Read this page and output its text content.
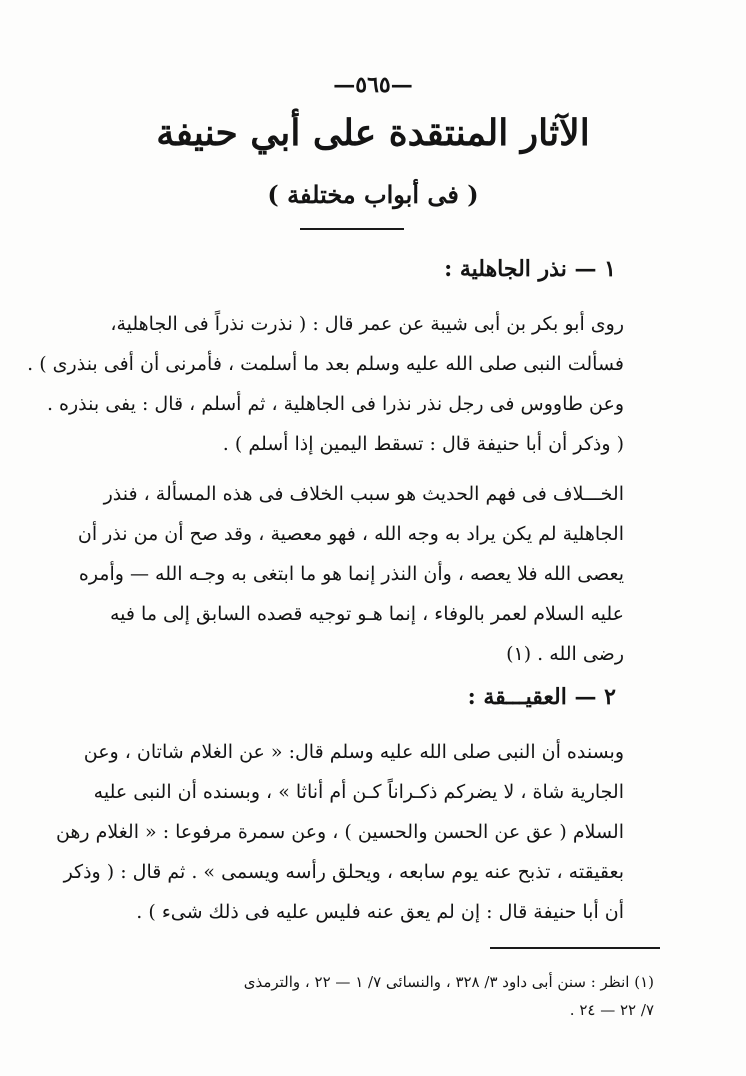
—٥٦٥—
الآثار المنتقدة على أبي حنيفة
( فى أبواب مختلفة )
١ — نذر الجاهلية :
روى أبو بكر بن أبى شيبة عن عمر قال : ( نذرت نذراً فى الجاهلية،
فسألت النبى صلى الله عليه وسلم بعد ما أسلمت ، فأمرنى أن أفى بنذرى ) .
وعن طاووس فى رجل نذر نذرا فى الجاهلية ، ثم أسلم ، قال : يفى بنذره .
( وذكر أن أبا حنيفة قال : تسقط اليمين إذا أسلم ) .
الخـــلاف فى فهم الحديث هو سبب الخلاف فى هذه المسألة ، فنذر
الجاهلية لم يكن يراد به وجه الله ، فهو معصية ، وقد صح أن من نذر أن
يعصى الله فلا يعصه ، وأن النذر إنما هو ما ابتغى به وجـه الله — وأمره
عليه السلام لعمر بالوفاء ، إنما هـو توجيه قصده السابق إلى ما فيه
رضى الله . (١)
٢ — العقيـــقة :
وبسنده أن النبى صلى الله عليه وسلم قال: « عن الغلام شاتان ، وعن
الجارية شاة ، لا يضركم ذكـراناً كـن أم أناثا » ، وبسنده أن النبى عليه
السلام ( عق عن الحسن والحسين ) ، وعن سمرة مرفوعا : « الغلام رهن
بعقيقته ، تذبح عنه يوم سابعه ، ويحلق رأسه ويسمى » . ثم قال : ( وذكر
أن أبا حنيفة قال : إن لم يعق عنه فليس عليه فى ذلك شىء ) .
(١) انظر : سنن أبى داود ٣/ ٣٢٨ ، والنسائى ٧/ ١ — ٢٢ ، والترمذى
٧/ ٢٢ — ٢٤ .
